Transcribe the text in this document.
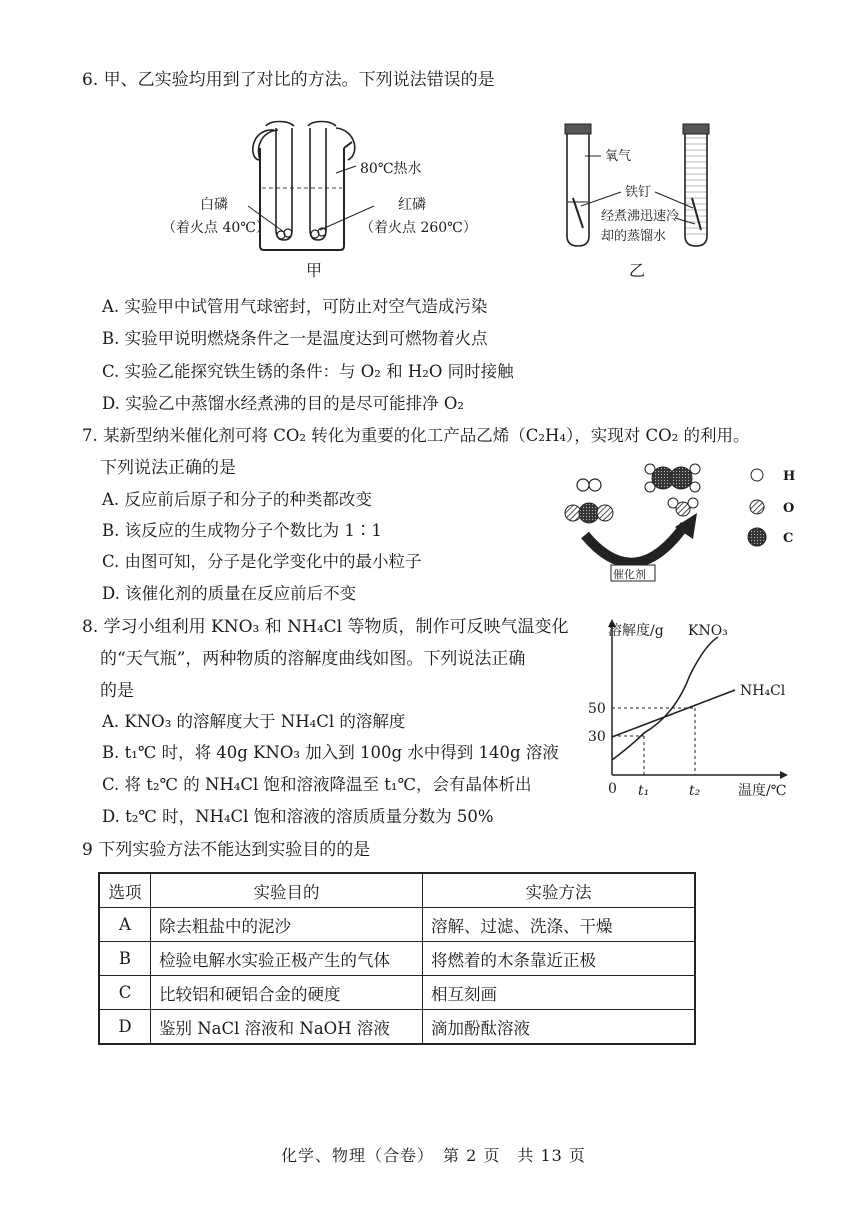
6. 甲、乙实验均用到了对比的方法。下列说法错误的是
80℃热水
白磷
（着火点 40℃）
红磷
（着火点 260℃）
甲
氧气
铁钉
经煮沸迅速冷
却的蒸馏水
乙
A. 实验甲中试管用气球密封，可防止对空气造成污染
B. 实验甲说明燃烧条件之一是温度达到可燃物着火点
C. 实验乙能探究铁生锈的条件：与 O₂ 和 H₂O 同时接触
D. 实验乙中蒸馏水经煮沸的目的是尽可能排净 O₂
7. 某新型纳米催化剂可将 CO₂ 转化为重要的化工产品乙烯（C₂H₄），实现对 CO₂ 的利用。
下列说法正确的是
A. 反应前后原子和分子的种类都改变
B. 该反应的生成物分子个数比为 1∶1
C. 由图可知，分子是化学变化中的最小粒子
D. 该催化剂的质量在反应前后不变
催化剂
H
O
C
8. 学习小组利用 KNO₃ 和 NH₄Cl 等物质，制作可反映气温变化
的“天气瓶”，两种物质的溶解度曲线如图。下列说法正确
的是
A. KNO₃ 的溶解度大于 NH₄Cl 的溶解度
B. t₁℃ 时，将 40g KNO₃ 加入到 100g 水中得到 140g 溶液
C. 将 t₂℃ 的 NH₄Cl 饱和溶液降温至 t₁℃，会有晶体析出
D. t₂℃ 时，NH₄Cl 饱和溶液的溶质质量分数为 50%
溶解度/g KNO₃
NH₄Cl
50
30
0 t₁	t₂	温度/℃
9 下列实验方法不能达到实验目的的是
选项	实验目的	实验方法
A	除去粗盐中的泥沙	溶解、过滤、洗涤、干燥
B	检验电解水实验正极产生的气体	将燃着的木条靠近正极
C	比较铝和硬铝合金的硬度	相互刻画
D	鉴别 NaCl 溶液和 NaOH 溶液	滴加酚酞溶液
化学、物理（合卷）　第 2 页　共 13 页
